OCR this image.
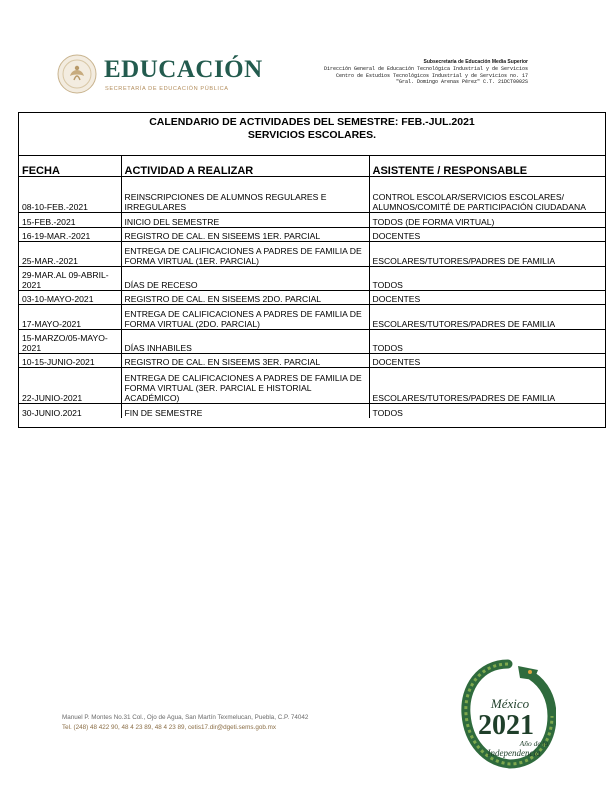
EDUCACIÓN
SECRETARÍA DE EDUCACIÓN PÚBLICA
Subsecretaría de Educación Media Superior
Dirección General de Educación Tecnológica Industrial y de Servicios
Centro de Estudios Tecnológicos Industrial y de Servicios no. 17
"Gral. Domingo Arenas Pérez" C.T. 21DCT0002S
CALENDARIO DE ACTIVIDADES DEL SEMESTRE: FEB.-JUL.2021
SERVICIOS ESCOLARES.
FECHA	ACTIVIDAD A REALIZAR	ASISTENTE / RESPONSABLE
08-10-FEB.-2021	REINSCRIPCIONES DE ALUMNOS REGULARES E IRREGULARES	CONTROL ESCOLAR/SERVICIOS ESCOLARES/ ALUMNOS/COMITÉ DE PARTICIPACIÓN CIUDADANA
15-FEB.-2021	INICIO DEL SEMESTRE	TODOS (DE FORMA VIRTUAL)
16-19-MAR.-2021	REGISTRO DE CAL. EN SISEEMS 1ER. PARCIAL	DOCENTES
25-MAR.-2021	ENTREGA DE CALIFICACIONES A PADRES DE FAMILIA DE FORMA VIRTUAL (1ER. PARCIAL)	ESCOLARES/TUTORES/PADRES DE FAMILIA
29-MAR.AL 09-ABRIL-2021	DÍAS DE RECESO	TODOS
03-10-MAYO-2021	REGISTRO DE CAL. EN SISEEMS 2DO. PARCIAL	DOCENTES
17-MAYO-2021	ENTREGA DE CALIFICACIONES A PADRES DE FAMILIA DE FORMA VIRTUAL (2DO. PARCIAL)	ESCOLARES/TUTORES/PADRES DE FAMILIA
15-MARZO/05-MAYO-2021	DÍAS INHABILES	TODOS
10-15-JUNIO-2021	REGISTRO DE CAL. EN SISEEMS 3ER. PARCIAL	DOCENTES
22-JUNIO-2021	ENTREGA DE CALIFICACIONES A PADRES DE FAMILIA DE FORMA VIRTUAL (3ER. PARCIAL E HISTORIAL ACADÉMICO)	ESCOLARES/TUTORES/PADRES DE FAMILIA
30-JUNIO.2021	FIN DE SEMESTRE	TODOS
Manuel P. Montes No.31 Col., Ojo de Agua, San Martín Texmelucan, Puebla, C.P. 74042
Tel. (248) 48 422 90, 48 4 23 89, 48 4 23 89, cetis17.dir@dgeti.sems.gob.mx
México
2021
Año de la
Independencia
